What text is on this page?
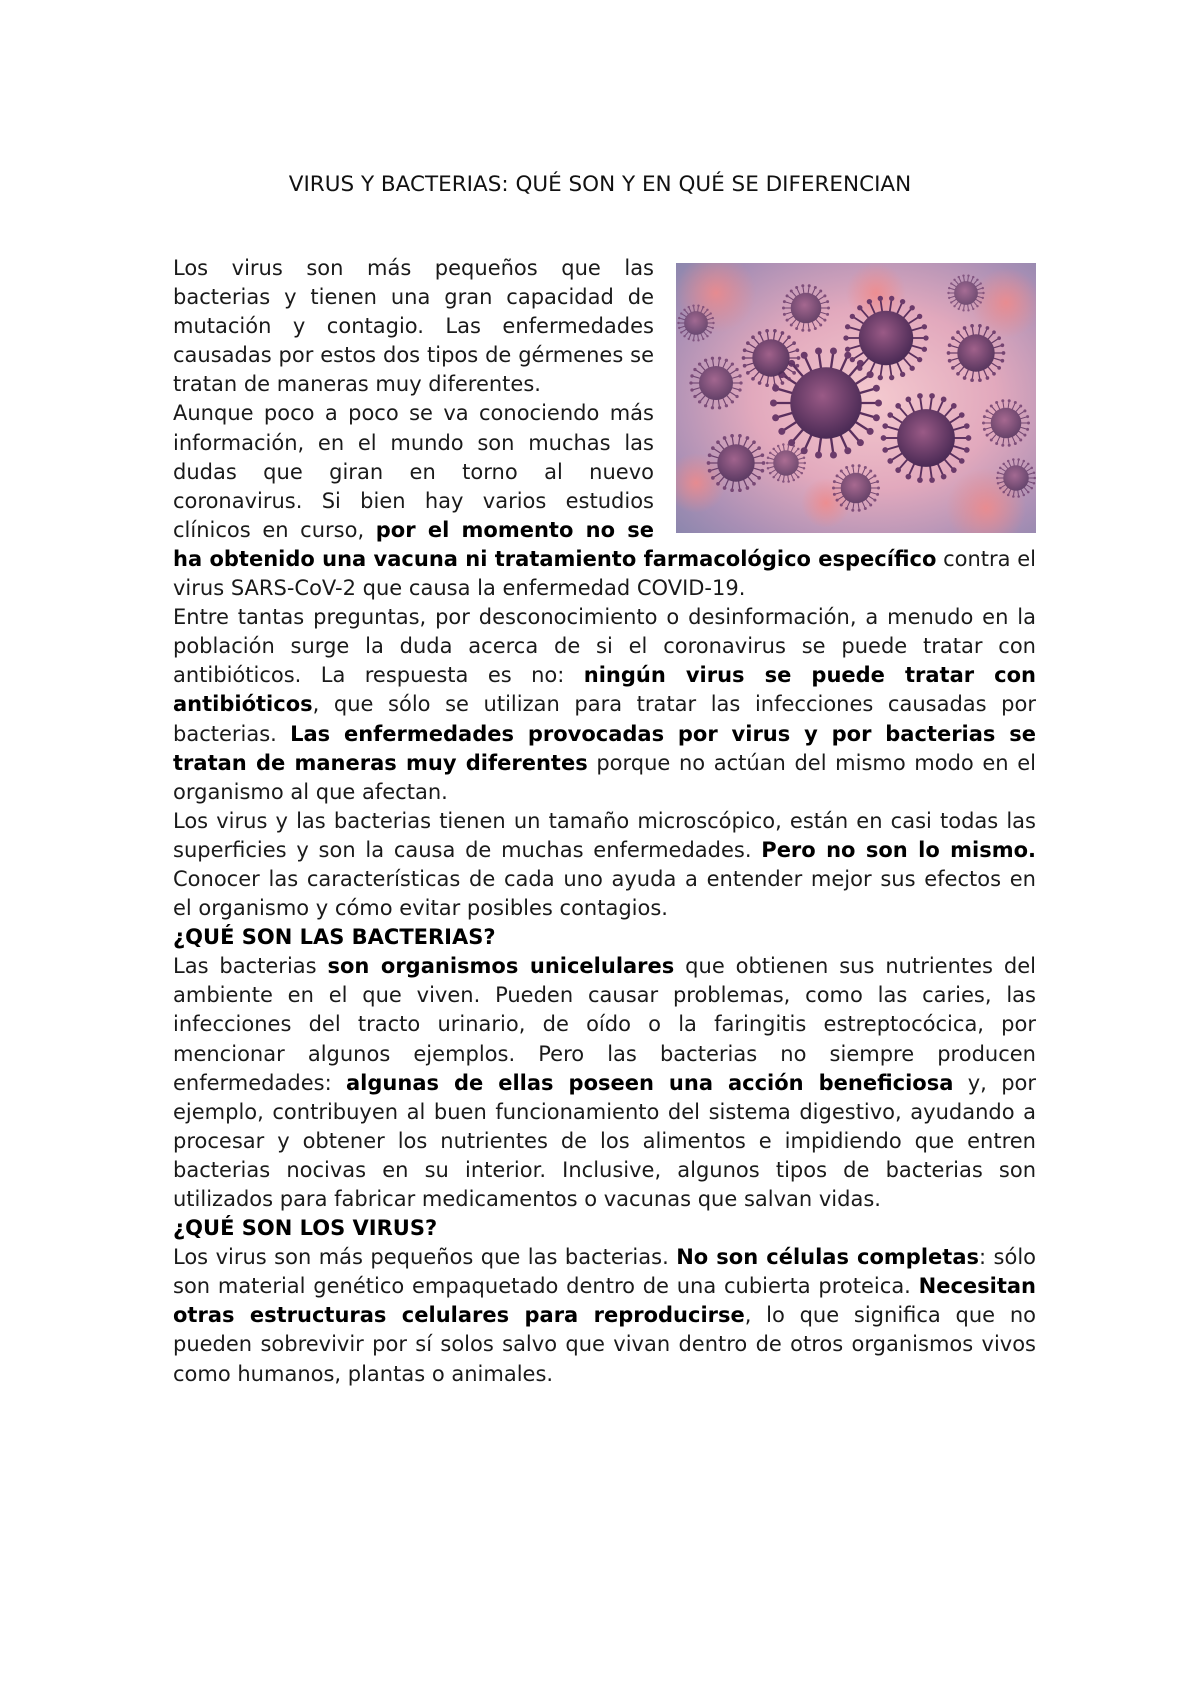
VIRUS Y BACTERIAS: QUÉ SON Y EN QUÉ SE DIFERENCIAN

Los virus son más pequeños que las bacterias y tienen una gran capacidad de mutación y contagio. Las enfermedades causadas por estos dos tipos de gérmenes se tratan de maneras muy diferentes.

Aunque poco a poco se va conociendo más información, en el mundo son muchas las dudas que giran en torno al nuevo coronavirus. Si bien hay varios estudios clínicos en curso, por el momento no se ha obtenido una vacuna ni tratamiento farmacológico específico contra el virus SARS-CoV-2 que causa la enfermedad COVID-19.

Entre tantas preguntas, por desconocimiento o desinformación, a menudo en la población surge la duda acerca de si el coronavirus se puede tratar con antibióticos. La respuesta es no: ningún virus se puede tratar con antibióticos, que sólo se utilizan para tratar las infecciones causadas por bacterias. Las enfermedades provocadas por virus y por bacterias se tratan de maneras muy diferentes porque no actúan del mismo modo en el organismo al que afectan.

Los virus y las bacterias tienen un tamaño microscópico, están en casi todas las superficies y son la causa de muchas enfermedades. Pero no son lo mismo. Conocer las características de cada uno ayuda a entender mejor sus efectos en el organismo y cómo evitar posibles contagios.

¿QUÉ SON LAS BACTERIAS?

Las bacterias son organismos unicelulares que obtienen sus nutrientes del ambiente en el que viven. Pueden causar problemas, como las caries, las infecciones del tracto urinario, de oído o la faringitis estreptocócica, por mencionar algunos ejemplos. Pero las bacterias no siempre producen enfermedades: algunas de ellas poseen una acción beneficiosa y, por ejemplo, contribuyen al buen funcionamiento del sistema digestivo, ayudando a procesar y obtener los nutrientes de los alimentos e impidiendo que entren bacterias nocivas en su interior. Inclusive, algunos tipos de bacterias son utilizados para fabricar medicamentos o vacunas que salvan vidas.

¿QUÉ SON LOS VIRUS?

Los virus son más pequeños que las bacterias. No son células completas: sólo son material genético empaquetado dentro de una cubierta proteica. Necesitan otras estructuras celulares para reproducirse, lo que significa que no pueden sobrevivir por sí solos salvo que vivan dentro de otros organismos vivos como humanos, plantas o animales.
